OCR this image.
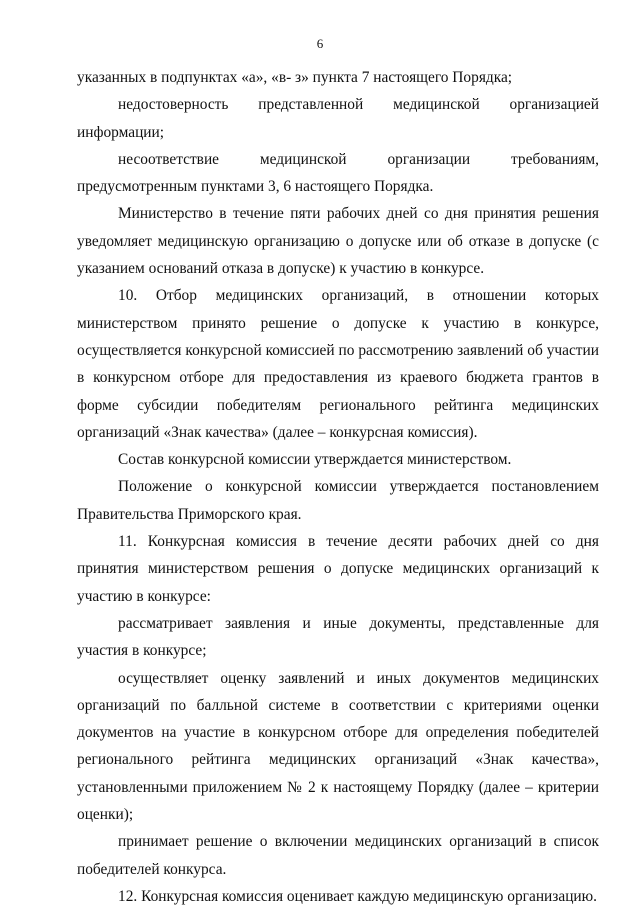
6

указанных в подпунктах «а», «в- з» пункта 7 настоящего Порядка;

недостоверность представленной медицинской организацией информации;

несоответствие медицинской организации требованиям, предусмотренным пунктами 3, 6 настоящего Порядка.

Министерство в течение пяти рабочих дней со дня принятия решения уведомляет медицинскую организацию о допуске или об отказе в допуске (с указанием оснований отказа в допуске) к участию в конкурсе.

10. Отбор медицинских организаций, в отношении которых министерством принято решение о допуске к участию в конкурсе, осуществляется конкурсной комиссией по рассмотрению заявлений об участии в конкурсном отборе для предоставления из краевого бюджета грантов в форме субсидии победителям регионального рейтинга медицинских организаций «Знак качества» (далее – конкурсная комиссия).

Состав конкурсной комиссии утверждается министерством.

Положение о конкурсной комиссии утверждается постановлением Правительства Приморского края.

11. Конкурсная комиссия в течение десяти рабочих дней со дня принятия министерством решения о допуске медицинских организаций к участию в конкурсе:

рассматривает заявления и иные документы, представленные для участия в конкурсе;

осуществляет оценку заявлений и иных документов медицинских организаций по балльной системе в соответствии с критериями оценки документов на участие в конкурсном отборе для определения победителей регионального рейтинга медицинских организаций «Знак качества», установленными приложением № 2 к настоящему Порядку (далее – критерии оценки);

принимает решение о включении медицинских организаций в список победителей конкурса.

12. Конкурсная комиссия оценивает каждую медицинскую организацию.
